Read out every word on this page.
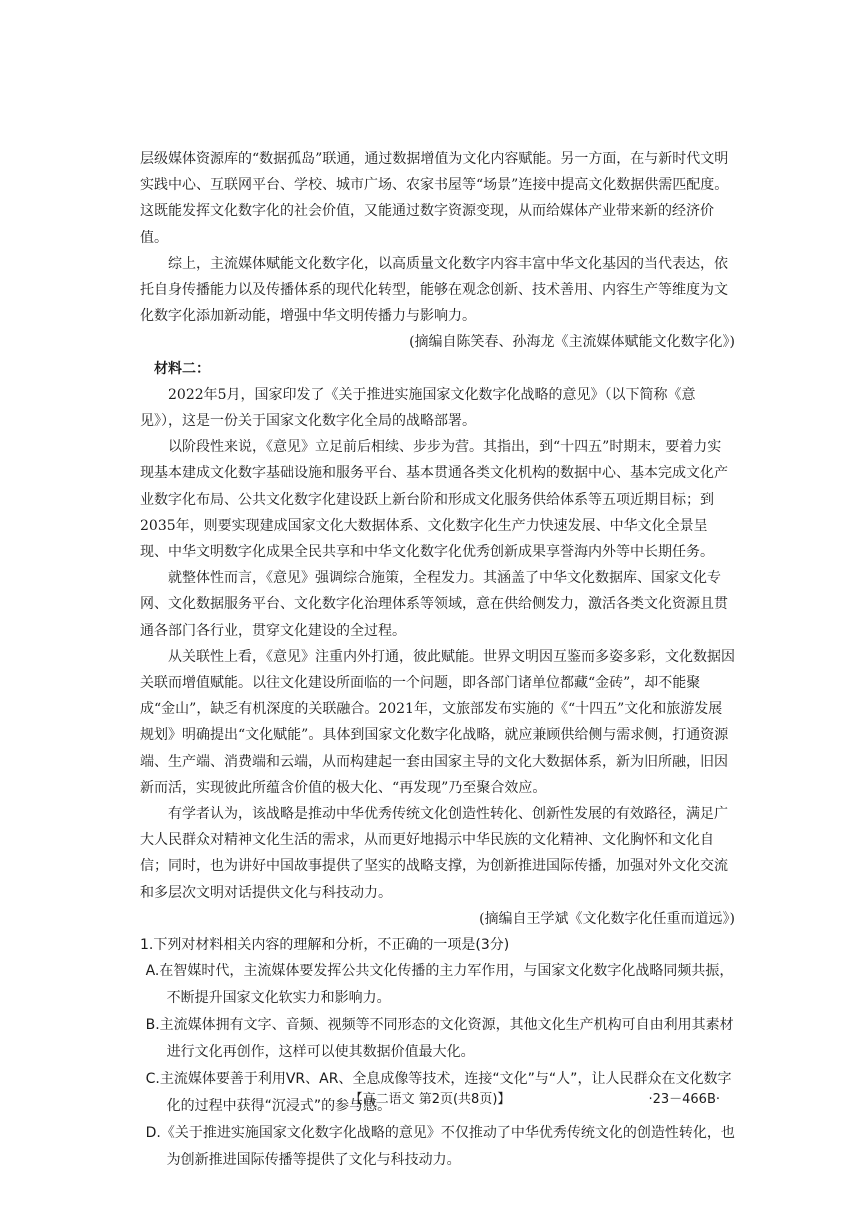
层级媒体资源库的“数据孤岛”联通，通过数据增值为文化内容赋能。另一方面，在与新时代文明实践中心、互联网平台、学校、城市广场、农家书屋等“场景”连接中提高文化数据供需匹配度。这既能发挥文化数字化的社会价值，又能通过数字资源变现，从而给媒体产业带来新的经济价值。

综上，主流媒体赋能文化数字化，以高质量文化数字内容丰富中华文化基因的当代表达，依托自身传播能力以及传播体系的现代化转型，能够在观念创新、技术善用、内容生产等维度为文化数字化添加新动能，增强中华文明传播力与影响力。

(摘编自陈笑春、孙海龙《主流媒体赋能文化数字化》)

材料二：

2022年5月，国家印发了《关于推进实施国家文化数字化战略的意见》（以下简称《意见》），这是一份关于国家文化数字化全局的战略部署。

以阶段性来说，《意见》立足前后相续、步步为营。其指出，到“十四五”时期末，要着力实现基本建成文化数字基础设施和服务平台、基本贯通各类文化机构的数据中心、基本完成文化产业数字化布局、公共文化数字化建设跃上新台阶和形成文化服务供给体系等五项近期目标；到2035年，则要实现建成国家文化大数据体系、文化数字化生产力快速发展、中华文化全景呈现、中华文明数字化成果全民共享和中华文化数字化优秀创新成果享誉海内外等中长期任务。

就整体性而言，《意见》强调综合施策，全程发力。其涵盖了中华文化数据库、国家文化专网、文化数据服务平台、文化数字化治理体系等领域，意在供给侧发力，激活各类文化资源且贯通各部门各行业，贯穿文化建设的全过程。

从关联性上看，《意见》注重内外打通，彼此赋能。世界文明因互鉴而多姿多彩，文化数据因关联而增值赋能。以往文化建设所面临的一个问题，即各部门诸单位都藏“金砖”，却不能聚成“金山”，缺乏有机深度的关联融合。2021年，文旅部发布实施的《“十四五”文化和旅游发展规划》明确提出“文化赋能”。具体到国家文化数字化战略，就应兼顾供给侧与需求侧，打通资源端、生产端、消费端和云端，从而构建起一套由国家主导的文化大数据体系，新为旧所融，旧因新而活，实现彼此所蕴含价值的极大化、“再发现”乃至聚合效应。

有学者认为，该战略是推动中华优秀传统文化创造性转化、创新性发展的有效路径，满足广大人民群众对精神文化生活的需求，从而更好地揭示中华民族的文化精神、文化胸怀和文化自信；同时，也为讲好中国故事提供了坚实的战略支撑，为创新推进国际传播，加强对外文化交流和多层次文明对话提供文化与科技动力。

(摘编自王学斌《文化数字化任重而道远》)

1.下列对材料相关内容的理解和分析，不正确的一项是(3分)

A.在智媒时代，主流媒体要发挥公共文化传播的主力军作用，与国家文化数字化战略同频共振，不断提升国家文化软实力和影响力。

B.主流媒体拥有文字、音频、视频等不同形态的文化资源，其他文化生产机构可自由利用其素材进行文化再创作，这样可以使其数据价值最大化。

C.主流媒体要善于利用VR、AR、全息成像等技术，连接“文化”与“人”，让人民群众在文化数字化的过程中获得“沉浸式”的参与感。

D.《关于推进实施国家文化数字化战略的意见》不仅推动了中华优秀传统文化的创造性转化，也为创新推进国际传播等提供了文化与科技动力。

【高二语文 第2页(共8页)】	·23－466B·
